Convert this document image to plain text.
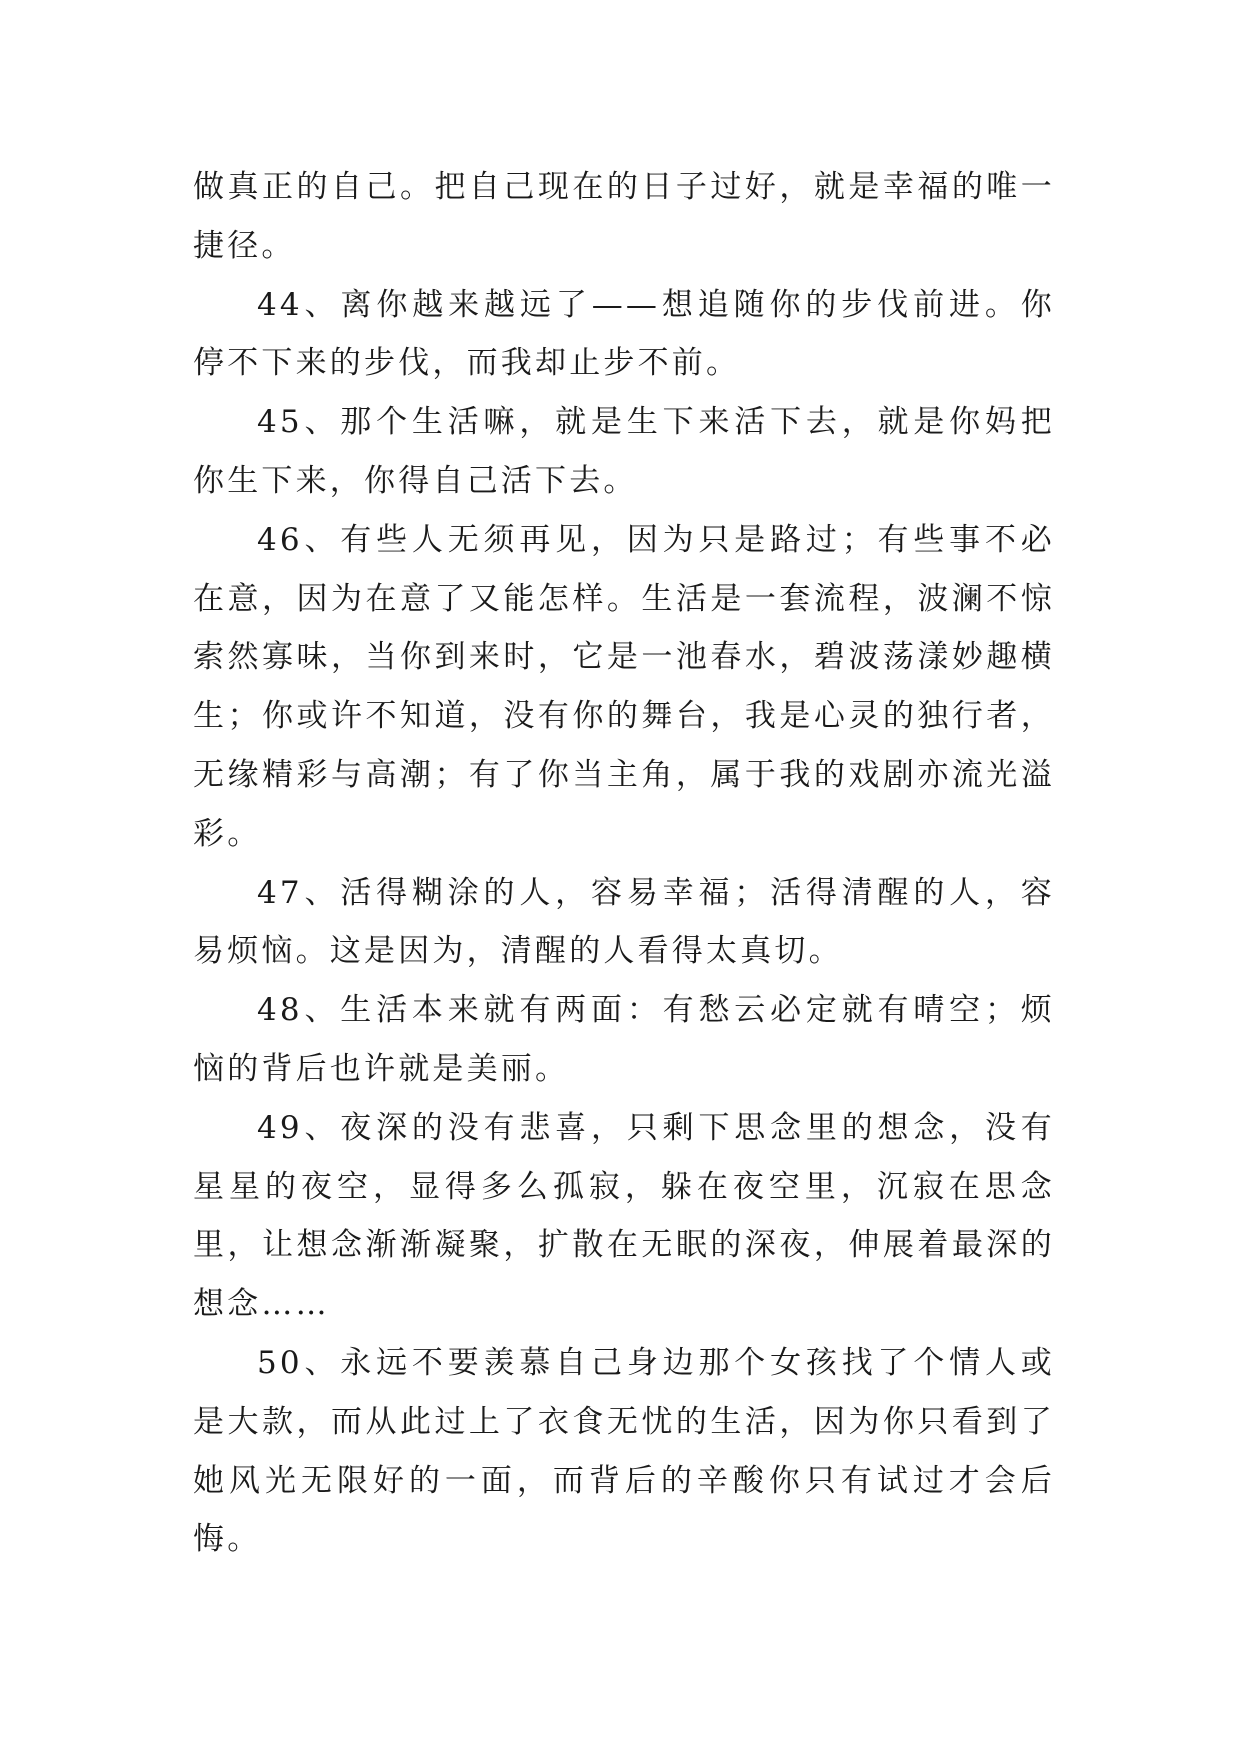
做真正的自己。把自己现在的日子过好，就是幸福的唯一捷径。

44、离你越来越远了——想追随你的步伐前进。你停不下来的步伐，而我却止步不前。

45、那个生活嘛，就是生下来活下去，就是你妈把你生下来，你得自己活下去。

46、有些人无须再见，因为只是路过；有些事不必在意，因为在意了又能怎样。生活是一套流程，波澜不惊索然寡味，当你到来时，它是一池春水，碧波荡漾妙趣横生；你或许不知道，没有你的舞台，我是心灵的独行者，无缘精彩与高潮；有了你当主角，属于我的戏剧亦流光溢彩。

47、活得糊涂的人，容易幸福；活得清醒的人，容易烦恼。这是因为，清醒的人看得太真切。

48、生活本来就有两面：有愁云必定就有晴空；烦恼的背后也许就是美丽。

49、夜深的没有悲喜，只剩下思念里的想念，没有星星的夜空，显得多么孤寂，躲在夜空里，沉寂在思念里，让想念渐渐凝聚，扩散在无眠的深夜，伸展着最深的想念……

50、永远不要羡慕自己身边那个女孩找了个情人或是大款，而从此过上了衣食无忧的生活，因为你只看到了她风光无限好的一面，而背后的辛酸你只有试过才会后悔。
